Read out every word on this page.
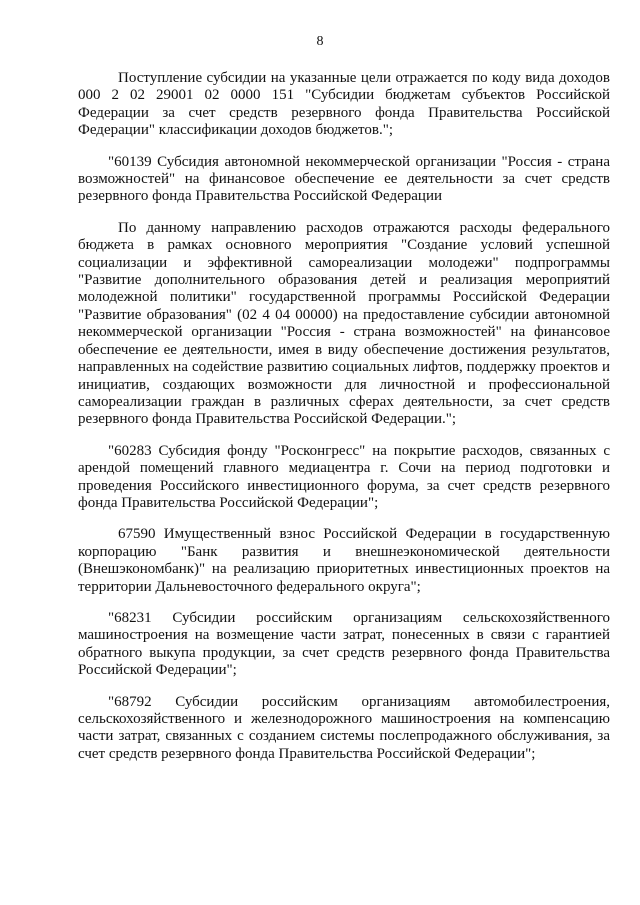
8

Поступление субсидии на указанные цели отражается по коду вида доходов 000 2 02 29001 02 0000 151 "Субсидии бюджетам субъектов Российской Федерации за счет средств резервного фонда Правительства Российской Федерации" классификации доходов бюджетов.";

"60139 Субсидия автономной некоммерческой организации "Россия - страна возможностей" на финансовое обеспечение ее деятельности за счет средств резервного фонда Правительства Российской Федерации

По данному направлению расходов отражаются расходы федерального бюджета в рамках основного мероприятия "Создание условий успешной социализации и эффективной самореализации молодежи" подпрограммы "Развитие дополнительного образования детей и реализация мероприятий молодежной политики" государственной программы Российской Федерации "Развитие образования" (02 4 04 00000) на предоставление субсидии автономной некоммерческой организации "Россия - страна возможностей" на финансовое обеспечение ее деятельности, имея в виду обеспечение достижения результатов, направленных на содействие развитию социальных лифтов, поддержку проектов и инициатив, создающих возможности для личностной и профессиональной самореализации граждан в различных сферах деятельности, за счет средств резервного фонда Правительства Российской Федерации.";

"60283 Субсидия фонду "Росконгресс" на покрытие расходов, связанных с арендой помещений главного медиацентра г. Сочи на период подготовки и проведения Российского инвестиционного форума, за счет средств резервного фонда Правительства Российской Федерации";

67590 Имущественный взнос Российской Федерации в государственную корпорацию "Банк развития и внешнеэкономической деятельности (Внешэкономбанк)" на реализацию приоритетных инвестиционных проектов на территории Дальневосточного федерального округа";

"68231 Субсидии российским организациям сельскохозяйственного машиностроения на возмещение части затрат, понесенных в связи с гарантией обратного выкупа продукции, за счет средств резервного фонда Правительства Российской Федерации";

"68792 Субсидии российским организациям автомобилестроения, сельскохозяйственного и железнодорожного машиностроения на компенсацию части затрат, связанных с созданием системы послепродажного обслуживания, за счет средств резервного фонда Правительства Российской Федерации";
